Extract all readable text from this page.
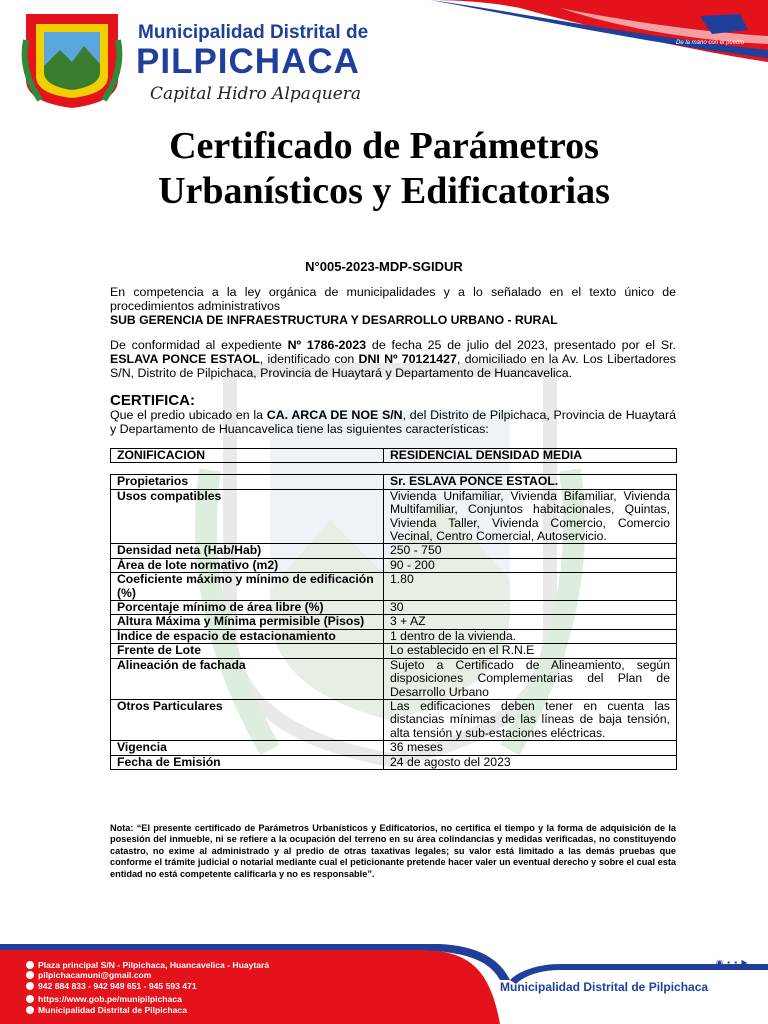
Municipalidad Distrital de
PILPICHACA
Capital Hidro Alpaquera
De la mano con el pueblo
Certificado de Parámetros Urbanísticos y Edificatorias
N°005-2023-MDP-SGIDUR
En competencia a la ley orgánica de municipalidades y a lo señalado en el texto único de procedimientos administrativos
SUB GERENCIA DE INFRAESTRUCTURA Y DESARROLLO URBANO - RURAL
De conformidad al expediente Nº 1786-2023 de fecha 25 de julio del 2023, presentado por el Sr. ESLAVA PONCE ESTAOL, identificado con DNI Nº 70121427, domiciliado en la Av. Los Libertadores S/N, Distrito de Pilpichaca, Provincia de Huaytará y Departamento de Huancavelica.
CERTIFICA:
Que el predio ubicado en la CA. ARCA DE NOE S/N, del Distrito de Pilpichaca, Provincia de Huaytará y Departamento de Huancavelica tiene las siguientes características:
ZONIFICACION	RESIDENCIAL DENSIDAD MEDIA

Propietarios	Sr. ESLAVA PONCE ESTAOL.
Usos compatibles	Vivienda Unifamiliar, Vivienda Bifamiliar, Vivienda Multifamiliar, Conjuntos habitacionales, Quintas, Vivienda Taller, Vivienda Comercio, Comercio Vecinal, Centro Comercial, Autoservicio.
Densidad neta (Hab/Hab)	250 - 750
Área de lote normativo (m2)	90 - 200
Coeficiente máximo y mínimo de edificación (%)	1.80
Porcentaje mínimo de área libre (%)	30
Altura Máxima y Mínima permisible (Pisos)	3 + AZ
Índice de espacio de estacionamiento	1 dentro de la vivienda.
Frente de Lote	Lo establecido en el R.N.E
Alineación de fachada	Sujeto a Certificado de Alineamiento, según disposiciones Complementarias del Plan de Desarrollo Urbano
Otros Particulares	Las edificaciones deben tener en cuenta las distancias mínimas de las líneas de baja tensión, alta tensión y sub-estaciones eléctricas.
Vigencia	36 meses
Fecha de Emisión	24 de agosto del 2023
Nota: “El presente certificado de Parámetros Urbanísticos y Edificatorios, no certifica el tiempo y la forma de adquisición de la posesión del inmueble, ni se refiere a la ocupación del terreno en su área colindancias y medidas verificadas, no constituyendo catastro, no exime al administrado y al predio de otras taxativas legales; su valor está limitado a las demás pruebas que conforme el trámite judicial o notarial mediante cual el peticionante pretende hacer valer un eventual derecho y sobre el cual esta entidad no está competente calificarla y no es responsable”.
Plaza principal S/N - Pilpichaca, Huancavelica - Huaytará
pilpichacamuni@gmail.com
942 884 833 - 942 949 651 - 945 593 471
https://www.gob.pe/munipilpichaca
Municipalidad Distrital de Pilpichaca
◉ ▪ ▪ ▶
Municipalidad Distrital de Pilpichaca
